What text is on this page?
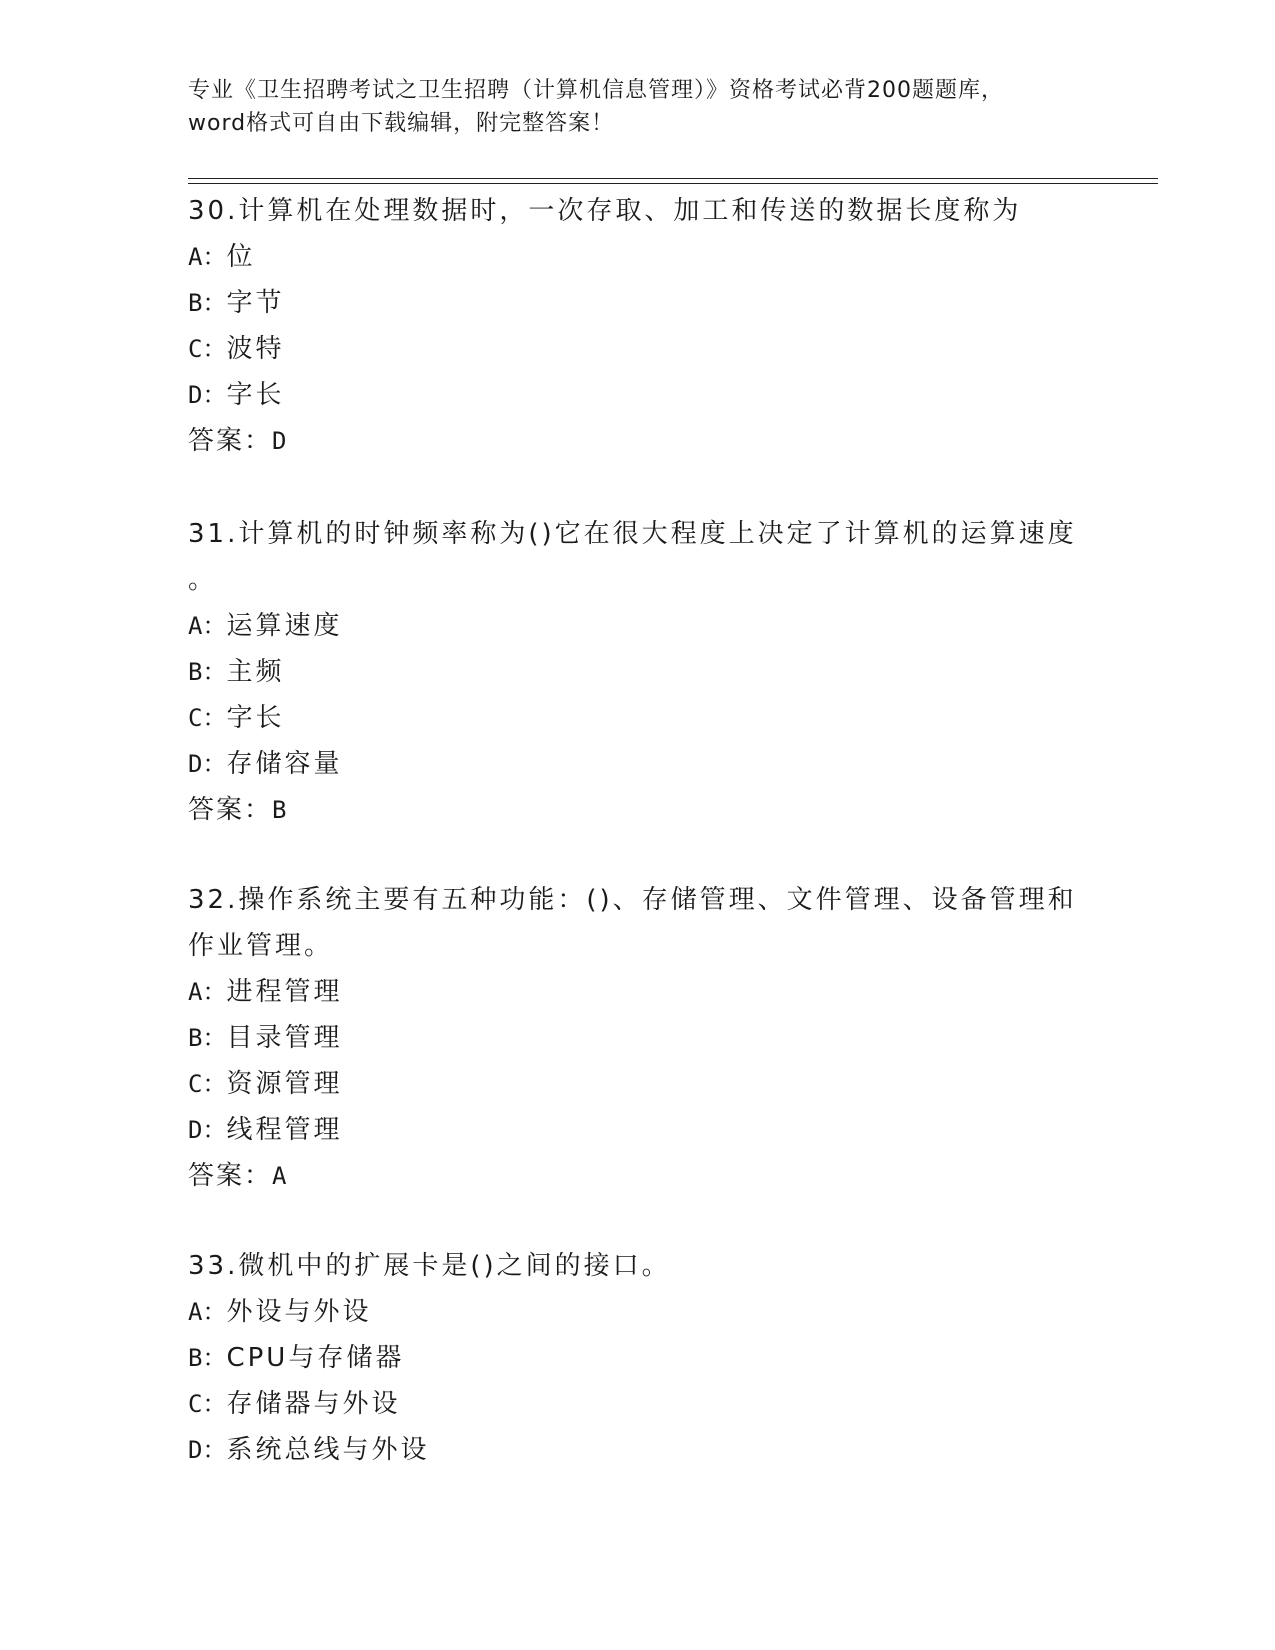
专业《卫生招聘考试之卫生招聘（计算机信息管理）》资格考试必背200题题库，
word格式可自由下载编辑，附完整答案！
30.计算机在处理数据时，一次存取、加工和传送的数据长度称为
A：位
B：字节
C：波特
D：字长
答案：D
31.计算机的时钟频率称为()它在很大程度上决定了计算机的运算速度
。
A：运算速度
B：主频
C：字长
D：存储容量
答案：B
32.操作系统主要有五种功能：()、存储管理、文件管理、设备管理和
作业管理。
A：进程管理
B：目录管理
C：资源管理
D：线程管理
答案：A
33.微机中的扩展卡是()之间的接口。
A：外设与外设
B：CPU与存储器
C：存储器与外设
D：系统总线与外设
